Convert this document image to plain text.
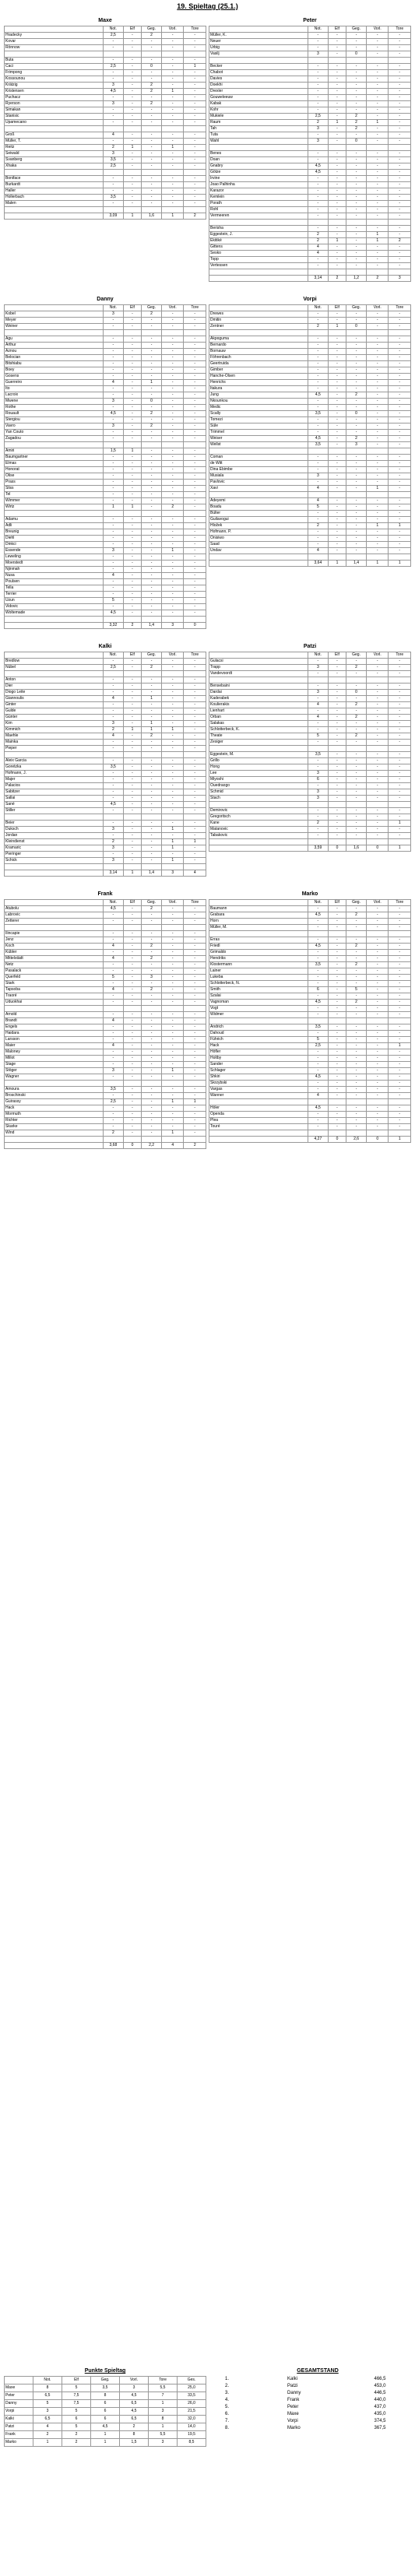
19. Spieltag (25.1.)
Maxe
	Not.	Elf	Geg.	Vorl.	Tore
Hradecky	2,5	-	2	-	-
Kovar	-	-	-	-	-
Rönnow	-	-	-	-	-

Buta	-	-	-	-	-
Caci	2,5	-	0	-	1
Frimpong	-	-	-	-	-
Kossounou	-	-	-	-	-
Krätzig	3	-	2	-	-
Kristensen	4,5	-	2	1	-
Puchacz	-	-	-	-	-
Ryerson	3	-	2	-	-
Simakan	-	-	-	-	-
Stanisic	-	-	-	-	-
Upamecano	-	-	-	-	-

Groß	4	-	-	-	-
Müller, T.	-	-	-	-	-
Reitz	2	1	-	1	-
Seiwald	3	-	-	-	-
Svanberg	3,5	-	-	-	-
Xhaka	2,5	-	-	-	-

Boniface	-	-	-	-	-
Burkardt	-	-	-	-	-
Haller	-	-	-	-	-
Hollerbach	3,5	-	-	-	-
Malen	-	-	-	-	-

	3,09	1	1,6	1	2
Danny
	Not.	Elf	Geg.	Vorl.	Tore
Kobel	3	-	2	-	-
Meyer	-	-	-	-	-
Weiner	-	-	-	-	-

Agu	-	-	-	-	-
Arthur	-	-	-	-	-
Aznou	-	-	-	-	-
Belocian	-	-	-	-	-
Bitshiabu	-	-	-	-	-
Boey	-	-	-	-	-
Gosens	-	-	-	-	-
Guerreiro	4	-	1	-	-
Ito	-	-	-	-	-
Lacroix	-	-	-	-	-
Mwene	3	-	0	-	-
Rothe	-	-	-	-	-
Rouault	4,5	-	2	-	-
Stergiou	-	-	-	-	-
Vavro	3	-	2	-	-
Yan Couto	-	-	-	-	-
Zagadou	-	-	-	-	-

Amiri	1,5	1	-	-	-
Baumgartner	-	-	-	-	-
Elmas	-	-	-	-	-
Honorat	-	-	-	-	-
Olise	-	-	-	-	-
Prass	-	-	-	-	-
Sliss	-	-	-	-	-
Tel	-	-	-	-	-
Wimmer	-	-	-	-	-
Wirtz	1	1	-	2	-

Adamu	-	-	-	-	-
Adli	-	-	-	-	-
Breunig	-	-	-	-	-
Diehl	-	-	-	-	-
Dinkci	-	-	-	-	-
Essende	3	-	-	1	-
Leweling	-	-	-	-	-
Moerstedt	-	-	-	-	-
Njinmah	-	-	-	-	-
Nusa	4	-	-	-	-
Poulsen	-	-	-	-	-
Tella	-	-	-	-	-
Terrier	-	-	-	-	-
Uzun	5	-	-	-	-
Vidovic	-	-	-	-	-
Woltemade	4,5	-	-	-	-

	3,32	2	1,4	3	0
Kalki
	Not.	Elf	Geg.	Vorl.	Tore
Bredlow	-	-	-	-	-
Nübel	2,5	-	2	-	-

Anton	-	-	-	-	-
Dier	-	-	-	-	-
Diogo Leite	-	-	-	-	-
Giannoulis	4	-	1	-	-
Ginter	-	-	-	-	-
Gulde	-	-	-	-	-
Günter	-	-	-	-	-
Kim	3	-	1	-	-
Kimmich	2	1	1	1	-
Maehle	4	-	2	-	-
Mainka	-	-	-	-	-
Pieper	-	-	-	-	-

Aleix Garcia	-	-	-	-	-
Goretzka	3,5	-	-	-	-
Hofmann, J.	-	-	-	-	-
Majer	-	-	-	-	-
Palacios	-	-	-	-	-
Sabitzer	-	-	-	-	-
Sallai	-	-	-	-	-
Sané	4,5	-	-	-	-
Stiller	-	-	-	-	-

Beier	-	-	-	-	-
Duksch	3	-	-	1	-
Jordan	-	-	-	-	-
Kleindienst	2	-	-	1	1
Kramaric	3	-	-	1	-
Pieringer	-	-	-	-	-
Schick	3	-	-	1	-

	3,14	1	1,4	3	4
Frank
	Not.	Elf	Geg.	Vorl.	Tore
Atubolu	4,5	-	2	-	-
Labrovic	-	-	-	-	-
Zetterer	-	-	-	-	-

Ilincapie	-	-	-	-	-
Jenz	-	-	-	-	-
Koch	4	-	2	-	-
Kübler	-	-	-	-	-
Mittelstädt	4	-	2	-	-
Netz	-	-	-	-	-
Pasalack	-	-	-	-	-
Querfeld	5	-	3	-	-
Stark	-	-	-	-	-
Tapsoba	4	-	2	-	-
Traoré	-	-	-	-	-
Uduokhai	-	-	-	-	-

Arnold	-	-	-	-	-
Brandt	4	-	-	-	-
Engels	-	-	-	-	-
Haidara	-	-	-	-	-
Larsson	-	-	-	-	-
Maier	4	-	-	-	-
Maloney	-	-	-	-	-
Millot	-	-	-	-	-
Stage	-	-	-	-	-
Stöger	3	-	-	1	-
Wagner	-	-	-	-	-

Amoura	3,5	-	-	-	-
Broschinski	-	-	-	-	-
Guirassy	2,5	-	-	1	1
Hack	-	-	-	-	-
Mormuth	-	-	-	-	-
Richter	-	-	-	-	-
Skarke	-	-	-	-	-
Wind	2	-	-	1	-

	3,68	0	2,2	4	2
Peter
	Not.	Elf	Geg.	Vorl.	Tore
Müller, K.	-	-	-	-	-
Neuer	-	-	-	-	-
Urbig	-	-	-	-	-
Vasilj	3	-	0	-	-

Becker	-	-	-	-	-
Chabot	-	-	-	-	-
Davies	-	-	-	-	-
Doekhi	-	-	-	-	-
Drexler	-	-	-	-	-
Gouweleeuw	-	-	-	-	-
Kabak	-	-	-	-	-
Kohr	-	-	-	-	-
Mukiele	2,5	-	2	-	-
Raum	2	1	2	1	-
Tah	3	-	2	-	-
Tuta	-	-	-	-	-
Wahl	3	-	0	-	-

Benes	-	-	-	-	-
Doan	-	-	-	-	-
Gnabry	4,5	-	-	-	-
Götze	4,5	-	-	-	-
Irvine	-	-	-	-	-
Joao Palhinha	-	-	-	-	-
Karazor	-	-	-	-	-
Kemlein	-	-	-	-	-
Porath	-	-	-	-	-
Rohl	-	-	-	-	-
Vermeeren	-	-	-	-	-

Berisha	-	-	-	-	-
Eggestein, J.	2	-	-	1	-
Ekitiké	2	1	-	1	2
Gittens	4	-	-	-	-
Sesko	4	-	-	-	-
Topp	-	-	-	-	-
Vertessen	-	-	-	-	-

	3,14	2	1,2	2	3
Vorpi
	Not.	Elf	Geg.	Vorl.	Tore
Drewes	-	-	-	-	-
Dmitin	-	-	-	-	-
Zentner	2	1	0	-	-

Akpoguma	-	-	-	-	-
Bernardo	-	-	-	-	-
Bornauw	-	-	-	-	-
Föhrenbach	-	-	-	-	-
Geertruida	-	-	-	-	-
Gimber	-	-	-	-	-
Hanche-Olsen	-	-	-	-	-
Henrichs	-	-	-	-	-
Itakura	-	-	-	-	-
Jung	4,5	-	2	-	-
Nkounkou	-	-	-	-	-
Medic	-	-	-	-	-
Scally	3,5	-	0	-	-
Tomezi	-	-	-	-	-
Süle	-	-	-	-	-
Trimmel	-	-	-	-	-
Weiser	4,5	-	2	-	-
Wellst	3,5	-	3	-	-

Coman	-	-	-	-	-
de Witt	-	-	-	-	-
Dina Ebimbe	-	-	-	-	-
Musiala	3	-	-	-	-
Pavlovic	-	-	-	-	-
Xavi	4	-	-	1	-

Adeyemi	4	-	-	-	-
Boadu	5	-	-	-	-
Bülter	-	-	-	-	-
Guilavogui	-	-	-	-	-
Hložek	2	-	-	1	1
Hofmann, P.	-	-	-	-	-
Onisiwo	-	-	-	-	-
Saad	-	-	-	-	-
Undav	4	-	-	-	-

	3,64	1	1,4	1	1
Patzi
	Not.	Elf	Geg.	Vorl.	Tore
Gulacsi	-	-	-	-	-
Trapp	3	-	2	-	-
Vandevoordt	-	-	-	-	-

Bensebaini	-	-	-	-	-
Dardai	3	-	0	-	-
Kaderabek	-	-	-	-	-
Koulierakis	4	-	2	-	-
Lienhart	-	-	-	-	-
Orban	4	-	2	-	-
Salakas	-	-	-	-	-
Schlotterbeck, K.	-	-	-	-	-
Theate	5	-	2	-	-
Zesiger	-	-	-	-	-

Eggestein, M.	3,5	-	-	-	-
Grillo	-	-	-	-	-
Hong	-	-	-	-	-
Lee	3	-	-	-	-
Miyoshi	6	-	-	-	-
Ouedraogo	-	-	-	-	-
Schmid	3	-	-	-	-
Stach	3	-	-	-	-

Demirovic	-	-	-	-	-
Gregoritsch	-	-	-	-	-
Kane	2	-	-	-	1
Matanovic	-	-	-	-	-
Tabakovic	-	-	-	-	-

	3,59	0	1,6	0	1
Marko
	Not.	Elf	Geg.	Vorl.	Tore
Baumann	-	-	-	-	-
Grabara	4,5	-	2	-	-
Horn	-	-	-	-	-
Müller, M.	-	-	-	-	-

Erras	-	-	-	-	-
Friedl	4,5	-	2	-	-
Grimaldo	-	-	-	-	-
Hendriks	-	-	-	-	-
Klostermann	3,5	-	2	-	-
Lainer	-	-	-	-	-
Lukeba	-	-	-	-	-
Schlotterbeck, N.	-	-	-	-	-
Smith	6	-	5	-	-
Szalai	-	-	-	-	-
Vagnoman	4,5	-	2	-	-
Vogt	-	-	-	-	-
Widmer	-	-	-	-	-

Andrich	3,5	-	-	-	-
Dahoud	-	-	-	-	-
Führich	5	-	-	-	-
Hack	2,5	-	-	-	1
Höfler	-	-	-	-	-
Holtby	-	-	-	-	-
Sander	-	-	-	-	-
Schlager	-	-	-	-	-
Shkiri	4,5	-	-	-	-
Skrzybski	-	-	-	-	-
Vargas	-	-	-	-	-
Wanner	4	-	-	-	-

Höler	4,5	-	-	-	-
Openda	-	-	-	-	-
Plea	-	-	-	-	-
Touré	-	-	-	-	-

	4,27	0	2,6	0	1
Punkte Spieltag
	Not.	Elf	Geg.	Vorl.	Tore	Ges.
Maxe	8	5	3,5	3	5,5	25,0
Peter	6,5	7,5	8	4,5	7	33,5
Danny	5	7,5	6	6,5	1	26,0
Vorpi	3	5	6	4,5	3	21,5
Kalki	6,5	6	6	6,5	8	32,0
Patzi	4	5	4,5	2	1	14,0
Frank	2	2	1	8	5,5	19,5
Marko	1	2	1	1,5	3	8,5
GESAMTSTAND
1.	Kalki	466,5
2.	Patzi	453,0
3.	Danny	446,5
4.	Frank	440,0
5.	Peter	437,0
6.	Maxe	435,0
7.	Vorpi	374,5
8.	Marko	367,5
